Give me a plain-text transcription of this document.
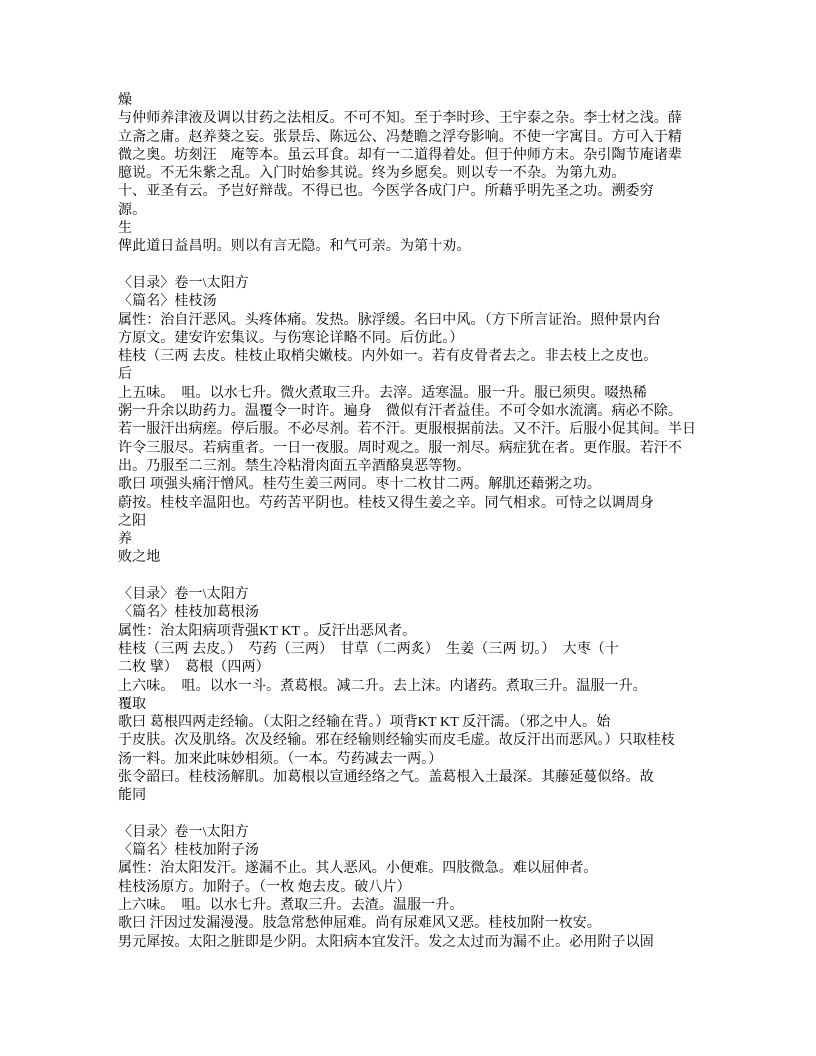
燥
与仲师养津液及调以甘药之法相反。不可不知。至于李时珍、王宇泰之杂。李士材之浅。薛
立斋之庸。赵养葵之妄。张景岳、陈远公、冯楚瞻之浮夸影响。不使一字寓目。方可入于精
微之奥。坊刻汪　庵等本。虽云耳食。却有一二道得着处。但于仲师方末。杂引陶节庵诸辈
臆说。不无朱紫之乱。入门时始参其说。终为乡愿矣。则以专一不杂。为第九劝。
十、亚圣有云。予岂好辩哉。不得已也。今医学各成门户。所藉乎明先圣之功。溯委穷
源。
生
俾此道日益昌明。则以有言无隐。和气可亲。为第十劝。
〈目录〉卷一\太阳方
〈篇名〉桂枝汤
属性：治自汗恶风。头疼体痛。发热。脉浮缓。名曰中风。（方下所言证治。照仲景内台
方原文。建安许宏集议。与伤寒论详略不同。后仿此。）
桂枝（三两 去皮。桂枝止取梢尖嫩枝。内外如一。若有皮骨者去之。非去枝上之皮也。
后
上五味。　咀。以水七升。微火煮取三升。去滓。适寒温。服一升。服已须臾。啜热稀
粥一升余以助药力。温覆令一时许。遍身　微似有汗者益佳。不可令如水流漓。病必不除。
若一服汗出病瘥。停后服。不必尽剂。若不汗。更服根据前法。又不汗。后服小促其间。半日
许令三服尽。若病重者。一日一夜服。周时观之。服一剂尽。病症犹在者。更作服。若汗不
出。乃服至二三剂。禁生冷粘滑肉面五辛酒酪臭恶等物。
歌曰 项强头痛汗憎风。桂芍生姜三两同。枣十二枚甘二两。解肌还藉粥之功。
蔚按。桂枝辛温阳也。芍药苦平阴也。桂枝又得生姜之辛。同气相求。可恃之以调周身
之阳
养
败之地
〈目录〉卷一\太阳方
〈篇名〉桂枝加葛根汤
属性：治太阳病项背强KT KT 。反汗出恶风者。
桂枝（三两 去皮。）　芍药（三两）　甘草（二两炙）　生姜（三两 切。）　大枣（十
二枚 擘）　葛根（四两）
上六味。　咀。以水一斗。煮葛根。减二升。去上沫。内诸药。煮取三升。温服一升。
覆取
歌曰 葛根四两走经输。（太阳之经输在背。）项背KT KT 反汗濡。（邪之中人。始
于皮肤。次及肌络。次及经输。邪在经输则经输实而皮毛虚。故反汗出而恶风。）只取桂枝
汤一料。加来此味妙相须。（一本。芍药减去一两。）
张令韶曰。桂枝汤解肌。加葛根以宣通经络之气。盖葛根入土最深。其藤延蔓似络。故
能同
〈目录〉卷一\太阳方
〈篇名〉桂枝加附子汤
属性：治太阳发汗。遂漏不止。其人恶风。小便难。四肢微急。难以屈伸者。
桂枝汤原方。加附子。（一枚 炮去皮。破八片）
上六味。　咀。以水七升。煮取三升。去渣。温服一升。
歌曰 汗因过发漏漫漫。肢急常愁伸屈难。尚有尿难风又恶。桂枝加附一枚安。
男元犀按。太阳之脏即是少阴。太阳病本宜发汗。发之太过而为漏不止。必用附子以固
